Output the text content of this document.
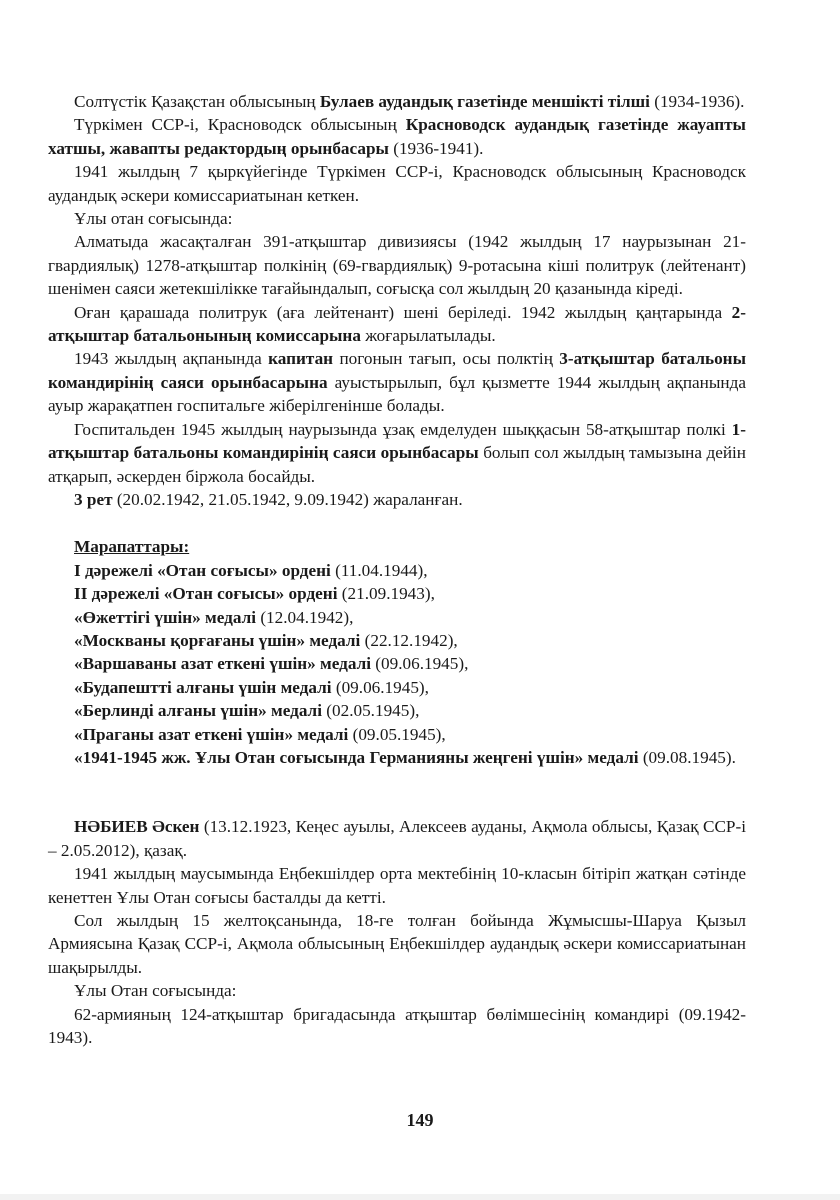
Солтүстік Қазақстан облысының Булаев аудандық газетінде меншікті тілші (1934-1936).

Түркімен ССР-і, Красноводск облысының Красноводск аудандық газетінде жауапты хатшы, жавапты редактордың орынбасары (1936-1941).

1941 жылдың 7 қыркүйегінде Түркімен ССР-і, Красноводск облысының Красноводск аудандық әскери комиссариатынан кеткен.

Ұлы отан соғысында:

Алматыда жасақталған 391-атқыштар дивизиясы (1942 жылдың 17 наурызынан 21-гвардиялық) 1278-атқыштар полкінің (69-гвардиялық) 9-ротасына кіші политрук (лейтенант) шенімен саяси жетекшілікке тағайындалып, соғысқа сол жылдың 20 қазанында кіреді.

Оған қарашада политрук (аға лейтенант) шені беріледі. 1942 жылдың қаңтарында 2-атқыштар батальонының комиссарына жоғарылатылады.

1943 жылдың ақпанында капитан погонын тағып, осы полктің 3-атқыштар батальоны командирінің саяси орынбасарына ауыстырылып, бұл қызметте 1944 жылдың ақпанында ауыр жарақатпен госпитальге жіберілгенінше болады.

Госпитальден 1945 жылдың наурызында ұзақ емделуден шыққасын 58-атқыштар полкі 1-атқыштар батальоны командирінің саяси орынбасары болып сол жылдың тамызына дейін атқарып, әскерден біржола босайды.

3 рет (20.02.1942, 21.05.1942, 9.09.1942) жараланған.

Марапаттары:

I дәрежелі «Отан соғысы» ордені (11.04.1944),

II дәрежелі «Отан соғысы» ордені (21.09.1943),

«Өжеттігі үшін» медалі (12.04.1942),

«Москваны қорғағаны үшін» медалі (22.12.1942),

«Варшаваны азат еткені үшін» медалі (09.06.1945),

«Будапештті алғаны үшін медалі (09.06.1945),

«Берлинді алғаны үшін» медалі (02.05.1945),

«Праганы азат еткені үшін» медалі (09.05.1945),

«1941-1945 жж. Ұлы Отан соғысында Германияны жеңгені үшін» медалі (09.08.1945).

НӘБИЕВ Әскен (13.12.1923, Кеңес ауылы, Алексеев ауданы, Ақмола облысы, Қазақ ССР-і – 2.05.2012), қазақ.

1941 жылдың маусымында Еңбекшілдер орта мектебінің 10-класын бітіріп жатқан сәтінде кенеттен Ұлы Отан соғысы басталды да кетті.

Сол жылдың 15 желтоқсанында, 18-ге толған бойында Жұмысшы-Шаруа Қызыл Армиясына Қазақ ССР-і, Ақмола облысының Еңбекшілдер аудандық әскери комиссариатынан шақырылды.

Ұлы Отан соғысында:

62-армияның 124-атқыштар бригадасында атқыштар бөлімшесінің командирі (09.1942-1943).

149
